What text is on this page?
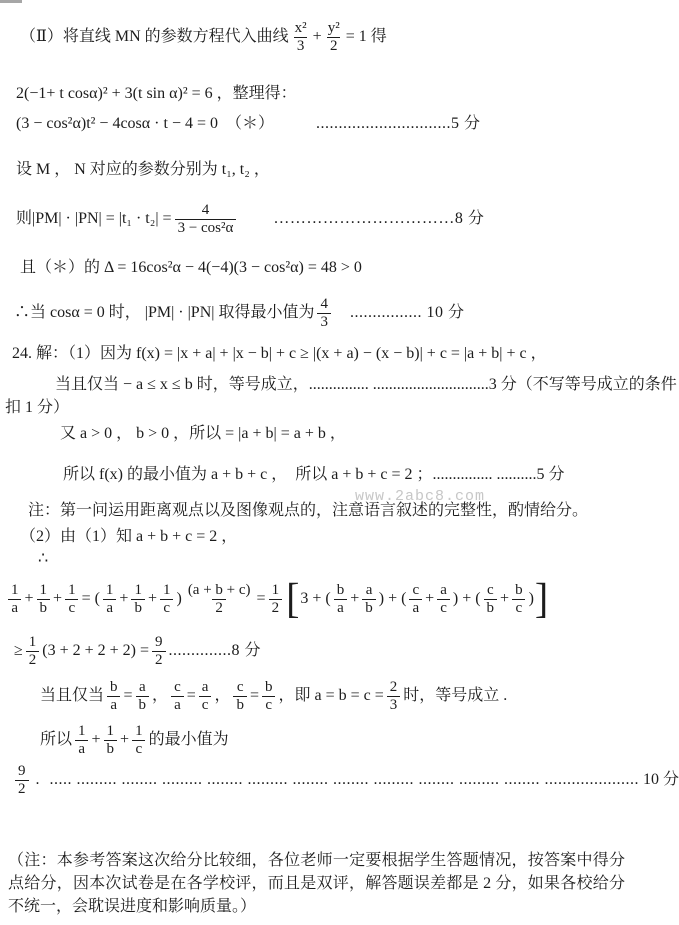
（Ⅱ）将直线 MN 的参数方程代入曲线 $\frac{\text{x²}}{3} + \frac{\text{y²}}{2} = 1$ 得
2(−1+ t cosα)² + 3(t sin α)² = 6 ，整理得：
(3 − cos²α)t² − 4cosα · t − 4 = 0  （＊）	..............................5 分
设 M ， N 对应的参数分别为 t₁, t₂ ，
则$|PM| \cdot |PN| = |t_1 \cdot t_2| = \frac{4}{\text{3 − cos²α}}$ ……………………………8 分
且（＊）的 Δ = 16cos²α − 4(−4)(3 − cos²α) = 48 > 0
∴当 cosα = 0 时， |PM| · |PN| 取得最小值为 $\frac{4}{3}$ ................ 10 分
24. 解：（1）因为 f(x) = |x + a| + |x − b| + c ≥ |(x + a) − (x − b)| + c = |a + b| + c ，
当且仅当 − a ≤ x ≤ b 时，等号成立，............... .............................3 分（不写等号成立的条件
扣 1 分）
又 a > 0 ， b > 0 ，所以 = |a + b| = a + b ，
所以 f(x) 的最小值为 a + b + c ，  所以 a + b + c = 2 ；............... ..........5 分
www.2abc8.com
注：第一问运用距离观点以及图像观点的，注意语言叙述的完整性，酌情给分。
（2）由（1）知 a + b + c = 2 ，
∴
$\frac{1}{a} + \frac{1}{b} + \frac{1}{c}$ = ( $\frac{1}{a} + \frac{1}{b} + \frac{1}{c}$ ) $\frac{(a + b + c)}{2} = \frac{1}{2}$ [ 3 + ( $\frac{b}{a} + \frac{a}{b}$ ) + ( $\frac{c}{a} + \frac{a}{c}$ ) + ( $\frac{c}{b} + \frac{b}{c}$ ) ]
≥ $\frac{1}{2} (3 + 2 + 2 + 2) = \frac{9}{2} ..............8$ 分
当且仅当 $\frac{b}{a} = \frac{a}{b}$ ， $\frac{c}{a} = \frac{a}{c}$ ， $\frac{c}{b} = \frac{b}{c}$ ，即 $a = b = c = \frac{2}{3}$ 时，等号成立 .
所以 $\frac{1}{a} + \frac{1}{b} + \frac{1}{c}$ 的最小值为
$\frac{9}{2}$ . ..... ......... ........ ......... ........ ......... ........ ........ ......... ........ ......... ........ ..................... 10 分

（注：本参考答案这次给分比较细，各位老师一定要根据学生答题情况，按答案中得分点给分，因本次试卷是在各学校评，而且是双评，解答题误差都是 2 分，如果各校给分不统一，会耽误进度和影响质量。）
